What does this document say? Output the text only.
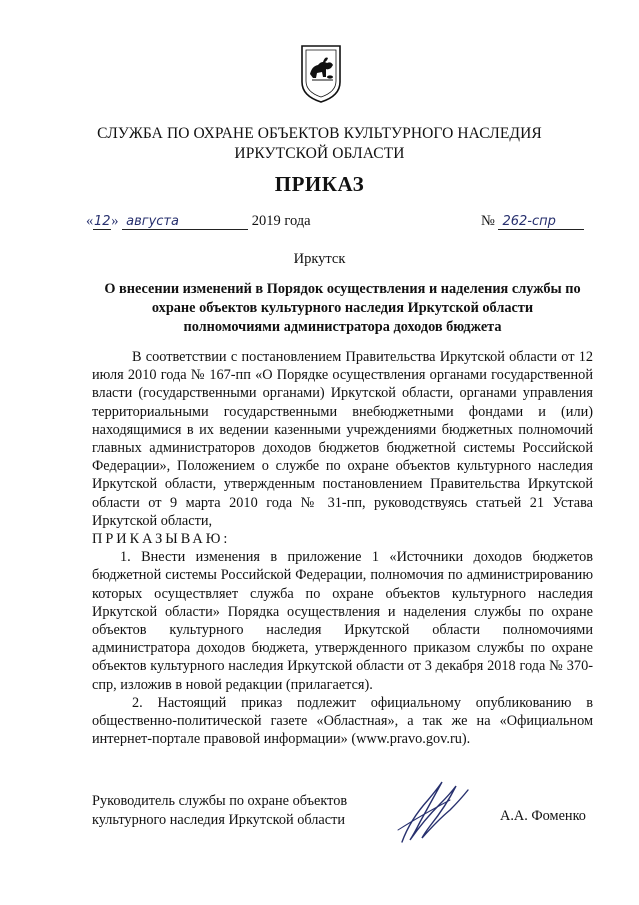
СЛУЖБА ПО ОХРАНЕ ОБЪЕКТОВ КУЛЬТУРНОГО НАСЛЕДИЯ
ИРКУТСКОЙ ОБЛАСТИ
ПРИКАЗ
«12» августа	2019 года	№ 262-спр
Иркутск
О внесении изменений в Порядок осуществления и наделения службы по
охране объектов культурного наследия Иркутской области
полномочиями администратора доходов бюджета

В соответствии с постановлением Правительства Иркутской области от 12 июля 2010 года № 167-пп «О Порядке осуществления органами государственной власти (государственными органами) Иркутской области, органами управления территориальными государственными внебюджетными фондами и (или) находящимися в их ведении казенными учреждениями бюджетных полномочий главных администраторов доходов бюджетов бюджетной системы Российской Федерации», Положением о службе по охране объектов культурного наследия Иркутской области, утвержденным постановлением Правительства Иркутской области от 9 марта 2010 года № 31-пп, руководствуясь статьей 21 Устава Иркутской области,

ПРИКАЗЫВАЮ:

1. Внести изменения в приложение 1 «Источники доходов бюджетов бюджетной системы Российской Федерации, полномочия по администрированию которых осуществляет служба по охране объектов культурного наследия Иркутской области» Порядка осуществления и наделения службы по охране объектов культурного наследия Иркутской области полномочиями администратора доходов бюджета, утвержденного приказом службы по охране объектов культурного наследия Иркутской области от 3 декабря 2018 года № 370-спр, изложив в новой редакции (прилагается).

2. Настоящий приказ подлежит официальному опубликованию в общественно-политической газете «Областная», а так же на «Официальном интернет-портале правовой информации» (www.pravo.gov.ru).

Руководитель службы по охране объектов
культурного наследия Иркутской области	А.А. Фоменко
